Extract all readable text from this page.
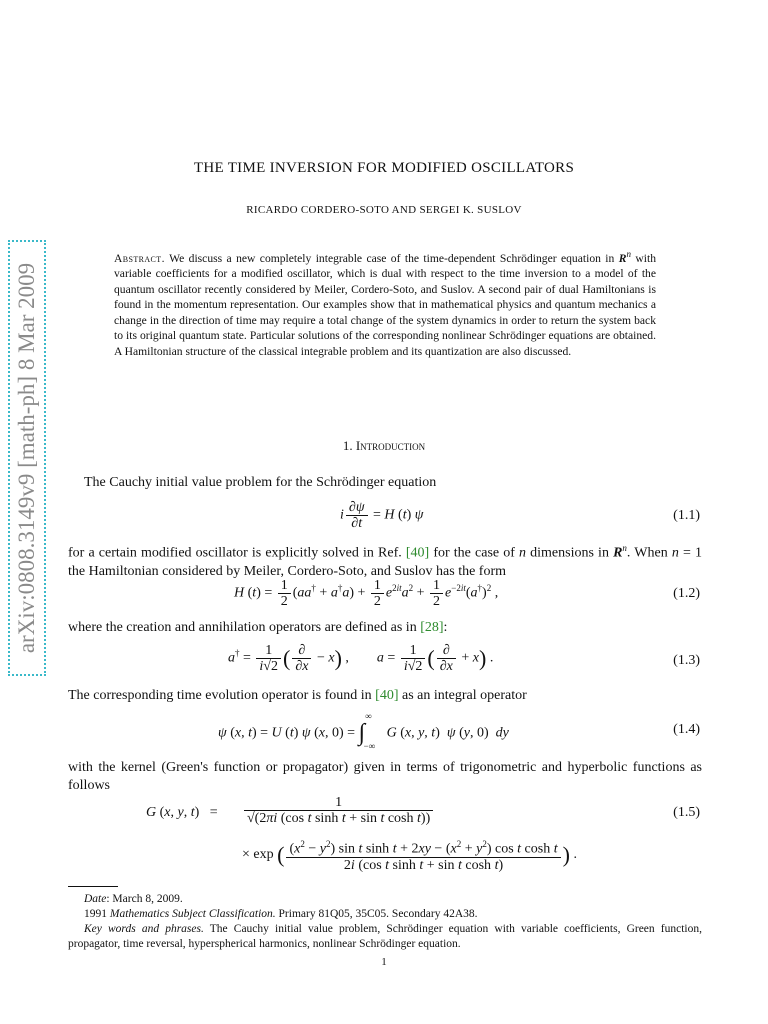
arXiv:0808.3149v9 [math-ph] 8 Mar 2009
THE TIME INVERSION FOR MODIFIED OSCILLATORS
RICARDO CORDERO-SOTO AND SERGEI K. SUSLOV
Abstract. We discuss a new completely integrable case of the time-dependent Schrödinger equation in $R^n$ with variable coefficients for a modified oscillator, which is dual with respect to the time inversion to a model of the quantum oscillator recently considered by Meiler, Cordero-Soto, and Suslov. A second pair of dual Hamiltonians is found in the momentum representation. Our examples show that in mathematical physics and quantum mechanics a change in the direction of time may require a total change of the system dynamics in order to return the system back to its original quantum state. Particular solutions of the corresponding nonlinear Schrödinger equations are obtained. A Hamiltonian structure of the classical integrable problem and its quantization are also discussed.
1. Introduction
The Cauchy initial value problem for the Schrödinger equation
i $\frac{\partial\psi}{\partial t} = H$ (t) ψ	(1.1)
for a certain modified oscillator is explicitly solved in Ref. [40] for the case of n dimensions in $R^n$. When n = 1 the Hamiltonian considered by Meiler, Cordero-Soto, and Suslov has the form
H $(t) = \frac{1}{2} (aa^\dagger + a^\dagger a) + \frac{1}{2} e^{2it}a^2 + \frac{1}{2} e^{-2it}(a^\dagger)^2$ ,	(1.2)
where the creation and annihilation operators are defined as in [28]:
$a^\dagger = \frac{1}{i√2}$ ( $\frac{\partial}{\partial x} - x$) ,        $a = \frac{1}{i√2}$ ( $\frac{\partial}{\partial x} + x$) .	(1.3)
The corresponding time evolution operator is found in [40] as an integral operator
ψ (x, t) = U (t) ψ (x, $0) = \int^\infty_{-\infty}$ G (x, y, t)  ψ (y, 0)  dy	(1.4)
with the kernel (Green's function or propagator) given in terms of trigonometric and hyperbolic functions as follows
G (x, y, $t) = \frac{1}{\text{√(2πi (cos t sinh t + sin t cosh t))}}$
× exp ( $\frac{(x^2 - y^2) \sin t \sinh t + 2xy - (x^2 + y^2) \cos t \cosh t}{\text{2i (cos t sinh t + sin t cosh t)}}$ ) .
(1.5)
Date: March 8, 2009.
1991 Mathematics Subject Classification. Primary 81Q05, 35C05. Secondary 42A38.
Key words and phrases. The Cauchy initial value problem, Schrödinger equation with variable coefficients, Green function, propagator, time reversal, hyperspherical harmonics, nonlinear Schrödinger equation.
1
